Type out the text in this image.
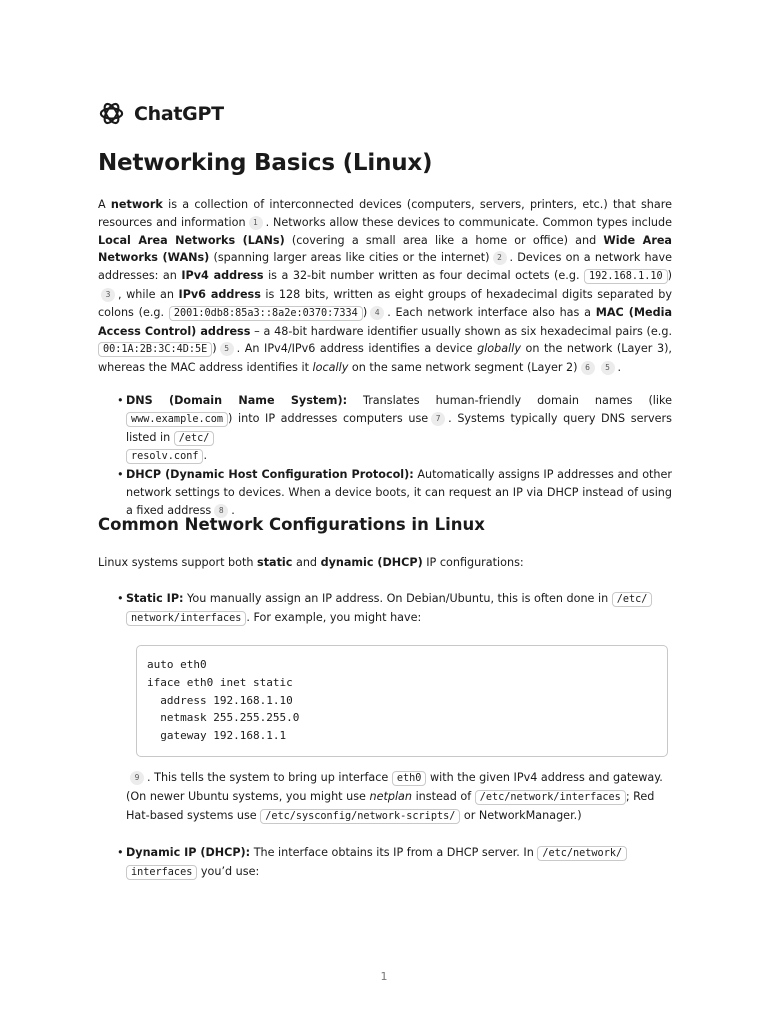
ChatGPT
Networking Basics (Linux)

A network is a collection of interconnected devices (computers, servers, printers, etc.) that share resources and information 1 . Networks allow these devices to communicate. Common types include Local Area Networks (LANs) (covering a small area like a home or office) and Wide Area Networks (WANs) (spanning larger areas like cities or the internet) 2 . Devices on a network have addresses: an IPv4 address is a 32-bit number written as four decimal octets (e.g. 192.168.1.10 )3 , while an IPv6 address is 128 bits, written as eight groups of hexadecimal digits separated by colons (e.g. 2001:0db8:85a3::8a2e:0370:7334 ) 4 . Each network interface also has a MAC (Media Access Control) address – a 48-bit hardware identifier usually shown as six hexadecimal pairs (e.g. 00:1A:2B:3C:4D:5E ) 5 . An IPv4/IPv6 address identifies a device globally on the network (Layer 3), whereas the MAC address identifies it locally on the same network segment (Layer 2) 6 5 .

• DNS (Domain Name System): Translates human-friendly domain names (like www.example.com ) into IP addresses computers use 7 . Systems typically query DNS servers listed in /etc/
resolv.conf .
• DHCP (Dynamic Host Configuration Protocol): Automatically assigns IP addresses and other network settings to devices. When a device boots, it can request an IP via DHCP instead of using a fixed address 8 .
Common Network Configurations in Linux

Linux systems support both static and dynamic (DHCP) IP configurations:

• Static IP: You manually assign an IP address. On Debian/Ubuntu, this is often done in /etc/
network/interfaces . For example, you might have:
auto eth0
iface eth0 inet static
address 192.168.1.10
netmask 255.255.255.0
gateway 192.168.1.1

9 . This tells the system to bring up interface eth0 with the given IPv4 address and gateway. (On newer Ubuntu systems, you might use netplan instead of /etc/network/interfaces ; Red Hat-based systems use /etc/sysconfig/network-scripts/ or NetworkManager.)

• Dynamic IP (DHCP): The interface obtains its IP from a DHCP server. In /etc/network/
interfaces you’d use:
1
